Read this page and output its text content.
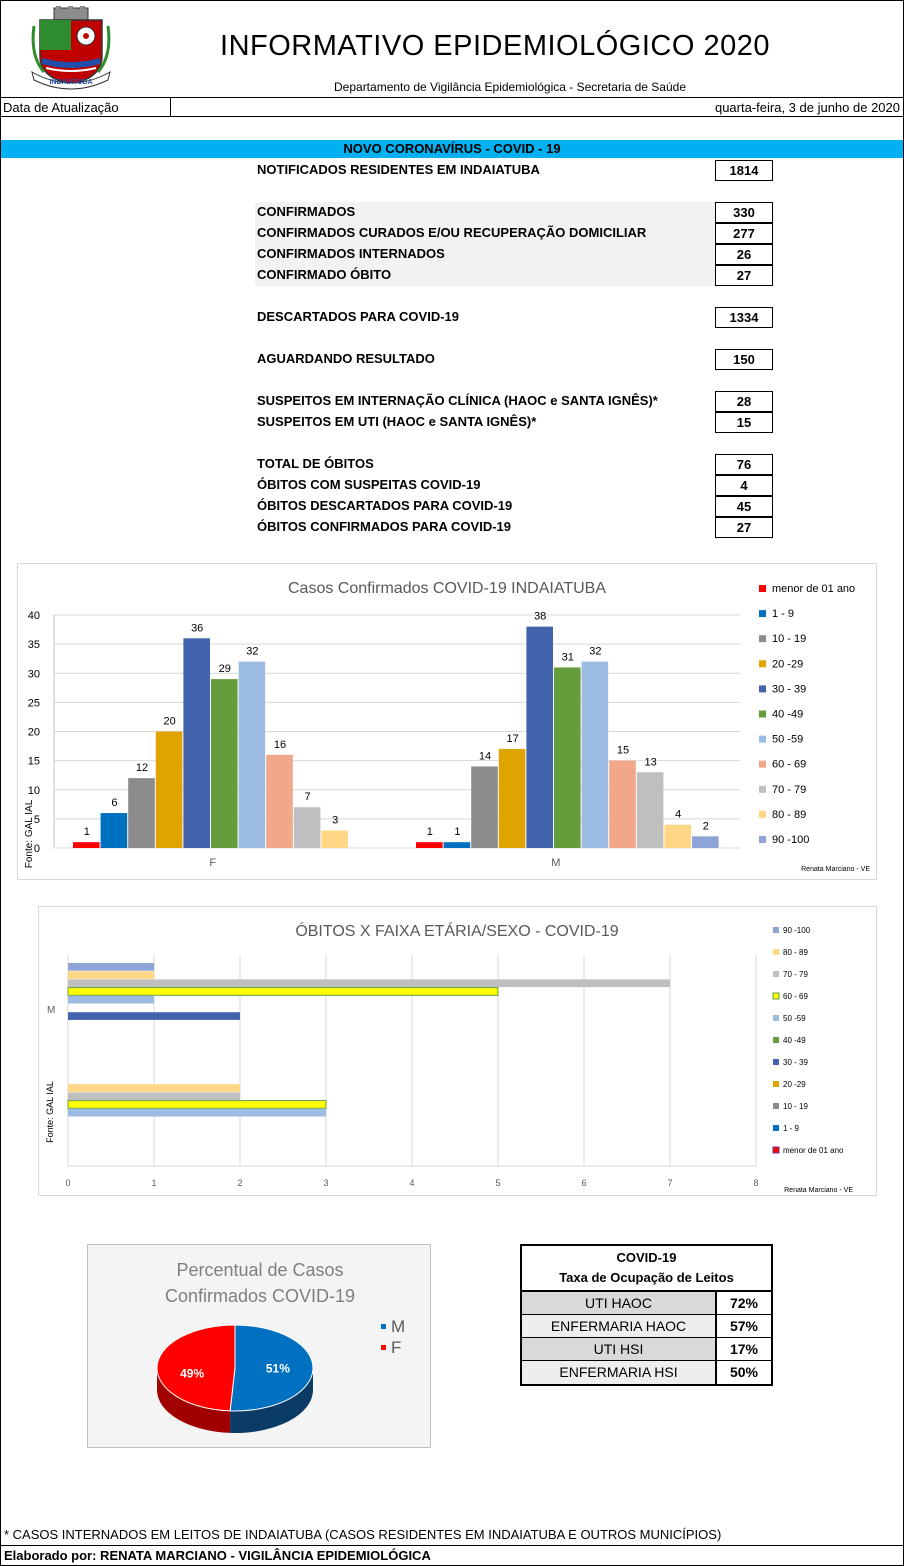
INDAIATUBA
INFORMATIVO EPIDEMIOLÓGICO 2020
Departamento de Vigilância Epidemiológica - Secretaria de Saúde
Data de Atualização	quarta-feira, 3 de junho de 2020
NOVO CORONAVÍRUS - COVID - 19
NOTIFICADOS RESIDENTES EM INDAIATUBA	1814
CONFIRMADOS	330
CONFIRMADOS CURADOS E/OU RECUPERAÇÃO DOMICILIAR	277
CONFIRMADOS INTERNADOS	26
CONFIRMADO ÓBITO	27
DESCARTADOS PARA COVID-19	1334
AGUARDANDO RESULTADO	150
SUSPEITOS EM INTERNAÇÃO CLÍNICA (HAOC e SANTA IGNÊS)*	28
SUSPEITOS EM UTI (HAOC e SANTA IGNÊS)*	15
TOTAL DE ÓBITOS	76
ÓBITOS COM SUSPEITAS COVID-19	4
ÓBITOS DESCARTADOS PARA COVID-19	45
ÓBITOS CONFIRMADOS PARA COVID-19	27
Casos Confirmados COVID-19 INDAIATUBA
Renata Marciano - VE
0
5
10
15
20
25
30
35
40
Fonte: GAL IAL	1
6
12
20
36
29
32
16
7
3
F
1 1
14
17
38
31 32
15
13
4
2
M
menor de 01 ano
1 - 9
10 - 19
20 -29
30 - 39
40 -49
50 -59
60 - 69
70 - 79
80 - 89
90 -100
ÓBITOS X FAIXA ETÁRIA/SEXO - COVID-19
Renata Marciano - VE
0	1	2	3	4	5	6	7	8
Fonte: GAL IAL
M
90 -100
80 - 89
70 - 79
60 - 69
50 -59
40 -49
30 - 39
20 -29
10 - 19
1 - 9
menor de 01 ano
Percentual de Casos
Confirmados COVID-19
51%
49%
M
F
COVID-19
Taxa de Ocupação de Leitos
UTI HAOC	72%
ENFERMARIA HAOC	57%
UTI HSI	17%
ENFERMARIA HSI	50%
* CASOS INTERNADOS EM LEITOS DE INDAIATUBA (CASOS RESIDENTES EM INDAIATUBA E OUTROS MUNICÍPIOS)
Elaborado por: RENATA MARCIANO - VIGILÂNCIA EPIDEMIOLÓGICA
